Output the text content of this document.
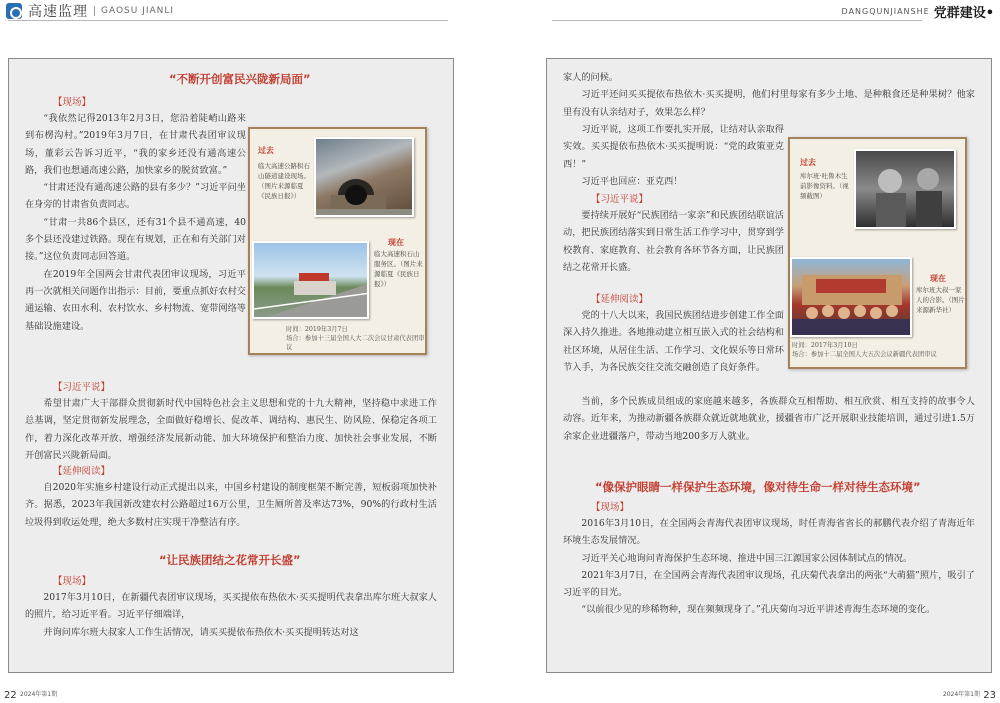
高速监理	GAOSU JIANLI	DANGQUNJIANSHE 党群建设•
“不断开创富民兴陇新局面”
【现场】

“我依然记得2013年2月3日，您沿着陡峭山路来到布楞沟村。”2019年3月7日，在甘肃代表团审议现场，董彩云告诉习近平，“我的家乡还没有通高速公路，我们也想通高速公路，加快家乡的脱贫致富。”

“甘肃还没有通高速公路的县有多少？”习近平问坐在身旁的甘肃省负责同志。

“甘肃一共86个县区，还有31个县不通高速，40多个县还没建过铁路。现在有规划，正在和有关部门对接。”这位负责同志回答道。

在2019年全国两会甘肃代表团审议现场，习近平再一次就相关问题作出指示：目前，要重点抓好农村交通运输、农田水利、农村饮水、乡村物流、宽带网络等基础设施建设。

过去
临大高速公路积石山隧道建设现场。（图片来源临夏《民族日报》）
现在
临大高速积石山服务区。（图片来源临夏《民族日报》）
时间：2019年3月7日
场合：参加十三届全国人大二次会议甘肃代表团审议
【习近平说】

希望甘肃广大干部群众贯彻新时代中国特色社会主义思想和党的十九大精神，坚持稳中求进工作总基调，坚定贯彻新发展理念，全面做好稳增长、促改革、调结构、惠民生、防风险、保稳定各项工作，着力深化改革开放、增强经济发展新动能、加大环境保护和整治力度、加快社会事业发展，不断开创富民兴陇新局面。

【延伸阅读】

自2020年实施乡村建设行动正式提出以来，中国乡村建设的制度框架不断完善，短板弱项加快补齐。据悉，2023年我国新改建农村公路超过16万公里，卫生厕所普及率达73%，90%的行政村生活垃圾得到收运处理，绝大多数村庄实现干净整洁有序。

“让民族团结之花常开长盛”
【现场】

2017年3月10日，在新疆代表团审议现场，买买提依布热依木·买买提明代表拿出库尔班大叔家人的照片，给习近平看。习近平仔细端详，

并询问库尔班大叔家人工作生活情况，请买买提依布热依木·买买提明转达对这

家人的问候。

习近平还问买买提依布热依木·买买提明，他们村里每家有多少土地、是种粮食还是种果树？他家里有没有认亲结对子，效果怎么样？

习近平说，这项工作要扎实开展，让结对认亲取得实效。买买提依布热依木·买买提明说：“党的政策亚克西！”

习近平也回应：亚克西！

【习近平说】

要持续开展好“民族团结一家亲”和民族团结联谊活动，把民族团结落实到日常生活工作学习中，贯穿到学校教育、家庭教育、社会教育各环节各方面，让民族团结之花常开长盛。

【延伸阅读】

党的十八大以来，我国民族团结进步创建工作全面深入持久推进。各地推动建立相互嵌入式的社会结构和社区环境，从居住生活、工作学习、文化娱乐等日常环节入手，为各民族交往交流交融创造了良好条件。

当前，多个民族成员组成的家庭越来越多，各族群众互相帮助、相互欣赏、相互支持的故事令人动容。近年来，为推动新疆各族群众就近就地就业，援疆省市广泛开展职业技能培训，通过引进1.5万余家企业进疆落户，带动当地200多万人就业。

过去
库尔班·吐鲁木生前影像资料。（视频截图）
现在
库尔班大叔一家人的合影。（图片来源新华社）
时间：2017年3月10日
场合：参加十二届全国人大五次会议新疆代表团审议
“像保护眼睛一样保护生态环境，像对待生命一样对待生态环境”
【现场】

2016年3月10日，在全国两会青海代表团审议现场，时任青海省省长的郝鹏代表介绍了青海近年环境生态发展情况。

习近平关心地询问青海保护生态环境、推进中国三江源国家公园体制试点的情况。

2021年3月7日，在全国两会青海代表团审议现场，孔庆菊代表拿出的两张“大萌猫”照片，吸引了习近平的目光。

“以前很少见的珍稀物种，现在频频现身了。”孔庆菊向习近平讲述青海生态环境的变化。

22 2024年第1期	2024年第1期 23
